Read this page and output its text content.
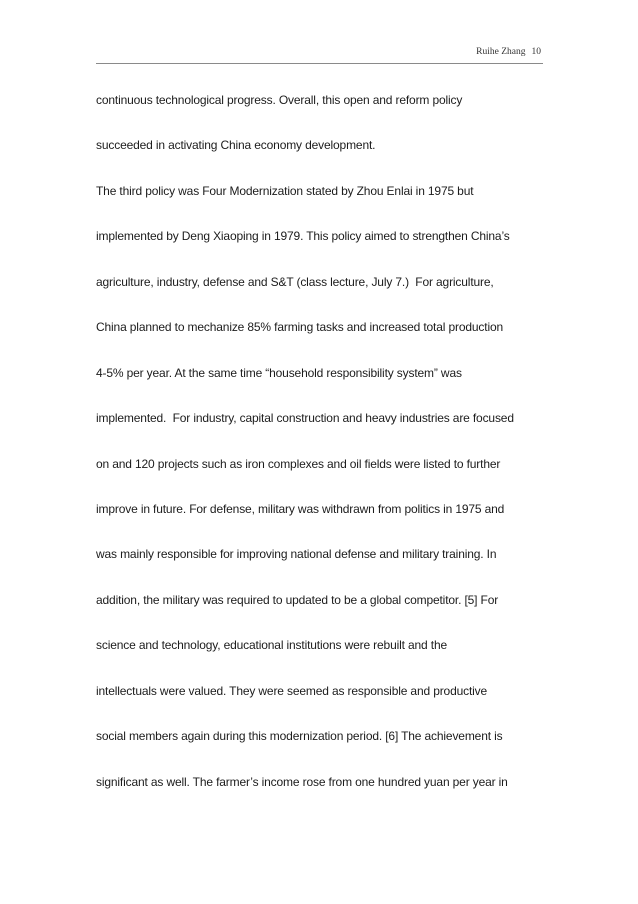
Ruihe Zhang 10
continuous technological progress. Overall, this open and reform policy
succeeded in activating China economy development.
The third policy was Four Modernization stated by Zhou Enlai in 1975 but
implemented by Deng Xiaoping in 1979. This policy aimed to strengthen China’s
agriculture, industry, defense and S&T (class lecture, July 7.)  For agriculture,
China planned to mechanize 85% farming tasks and increased total production
4-5% per year. At the same time “household responsibility system” was
implemented.  For industry, capital construction and heavy industries are focused
on and 120 projects such as iron complexes and oil fields were listed to further
improve in future. For defense, military was withdrawn from politics in 1975 and
was mainly responsible for improving national defense and military training. In
addition, the military was required to updated to be a global competitor. [5] For
science and technology, educational institutions were rebuilt and the
intellectuals were valued. They were seemed as responsible and productive
social members again during this modernization period. [6] The achievement is
significant as well. The farmer’s income rose from one hundred yuan per year in
